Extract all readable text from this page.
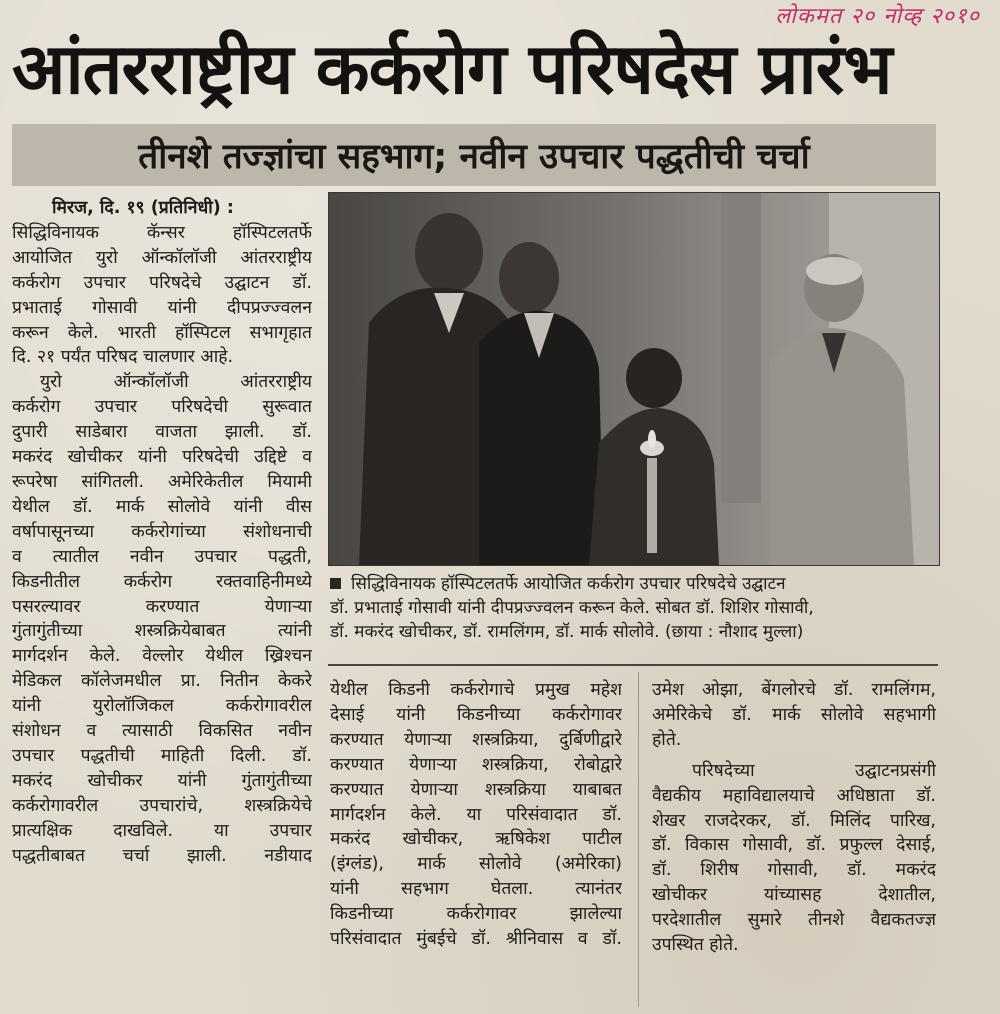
लोकमत २० नोव्ह २०१०
आंतरराष्ट्रीय कर्करोग परिषदेस प्रारंभ
तीनशे तज्ज्ञांचा सहभाग; नवीन उपचार पद्धतीची चर्चा
मिरज, दि. १९ (प्रतिनिधी) :
सिद्धिविनायक कॅन्सर हॉस्पिटलतर्फे
आयोजित युरो ऑन्कॉलॉजी आंतरराष्ट्रीय
कर्करोग उपचार परिषदेचे उद्घाटन डॉ.
प्रभाताई गोसावी यांनी दीपप्रज्ज्वलन
करून केले. भारती हॉस्पिटल सभागृहात
दि. २१ पर्यंत परिषद चालणार आहे.
युरो ऑन्कॉलॉजी आंतरराष्ट्रीय
कर्करोग उपचार परिषदेची सुरूवात
दुपारी साडेबारा वाजता झाली. डॉ.
मकरंद खोचीकर यांनी परिषदेची उद्दिष्टे व
रूपरेषा सांगितली. अमेरिकेतील मियामी
येथील डॉ. मार्क सोलोवे यांनी वीस
वर्षापासूनच्या कर्करोगांच्या संशोधनाची
व त्यातील नवीन उपचार पद्धती,
किडनीतील कर्करोग रक्तवाहिनीमध्ये
पसरल्यावर करण्यात येणाऱ्या
गुंतागुंतीच्या शस्त्रक्रियेबाबत त्यांनी
मार्गदर्शन केले. वेल्लोर येथील ख्रिश्चन
मेडिकल कॉलेजमधील प्रा. नितीन केकरे
यांनी युरोलॉजिकल कर्करोगावरील
संशोधन व त्यासाठी विकसित नवीन
उपचार पद्धतीची माहिती दिली. डॉ.
मकरंद खोचीकर यांनी गुंतागुंतीच्या
कर्करोगावरील उपचारांचे, शस्त्रक्रियेचे
प्रात्यक्षिक दाखविले. या उपचार
पद्धतीबाबत चर्चा झाली. नडीयाद
सिद्धिविनायक हॉस्पिटलतर्फे आयोजित कर्करोग उपचार परिषदेचे उद्घाटन
डॉ. प्रभाताई गोसावी यांनी दीपप्रज्ज्वलन करून केले. सोबत डॉ. शिशिर गोसावी,
डॉ. मकरंद खोचीकर, डॉ. रामलिंगम, डॉ. मार्क सोलोवे. (छाया : नौशाद मुल्ला)
येथील किडनी कर्करोगाचे प्रमुख महेश
देसाई यांनी किडनीच्या कर्करोगावर
करण्यात येणाऱ्या शस्त्रक्रिया, दुर्बिणीद्वारे
करण्यात येणाऱ्या शस्त्रक्रिया, रोबोद्वारे
करण्यात येणाऱ्या शस्त्रक्रिया याबाबत
मार्गदर्शन केले. या परिसंवादात डॉ.
मकरंद खोचीकर, ऋषिकेश पाटील
(इंग्लंड), मार्क सोलोवे (अमेरिका)
यांनी सहभाग घेतला. त्यानंतर
किडनीच्या कर्करोगावर झालेल्या
परिसंवादात मुंबईचे डॉ. श्रीनिवास व डॉ.
उमेश ओझा, बेंगलोरचे डॉ. रामलिंगम,
अमेरिकेचे डॉ. मार्क सोलोवे सहभागी
होते.
परिषदेच्या उद्घाटनप्रसंगी
वैद्यकीय महाविद्यालयाचे अधिष्ठाता डॉ.
शेखर राजदेरकर, डॉ. मिलिंद पारिख,
डॉ. विकास गोसावी, डॉ. प्रफुल्ल देसाई,
डॉ. शिरीष गोसावी, डॉ. मकरंद
खोचीकर यांच्यासह देशातील,
परदेशातील सुमारे तीनशे वैद्यकतज्ज्ञ
उपस्थित होते.
